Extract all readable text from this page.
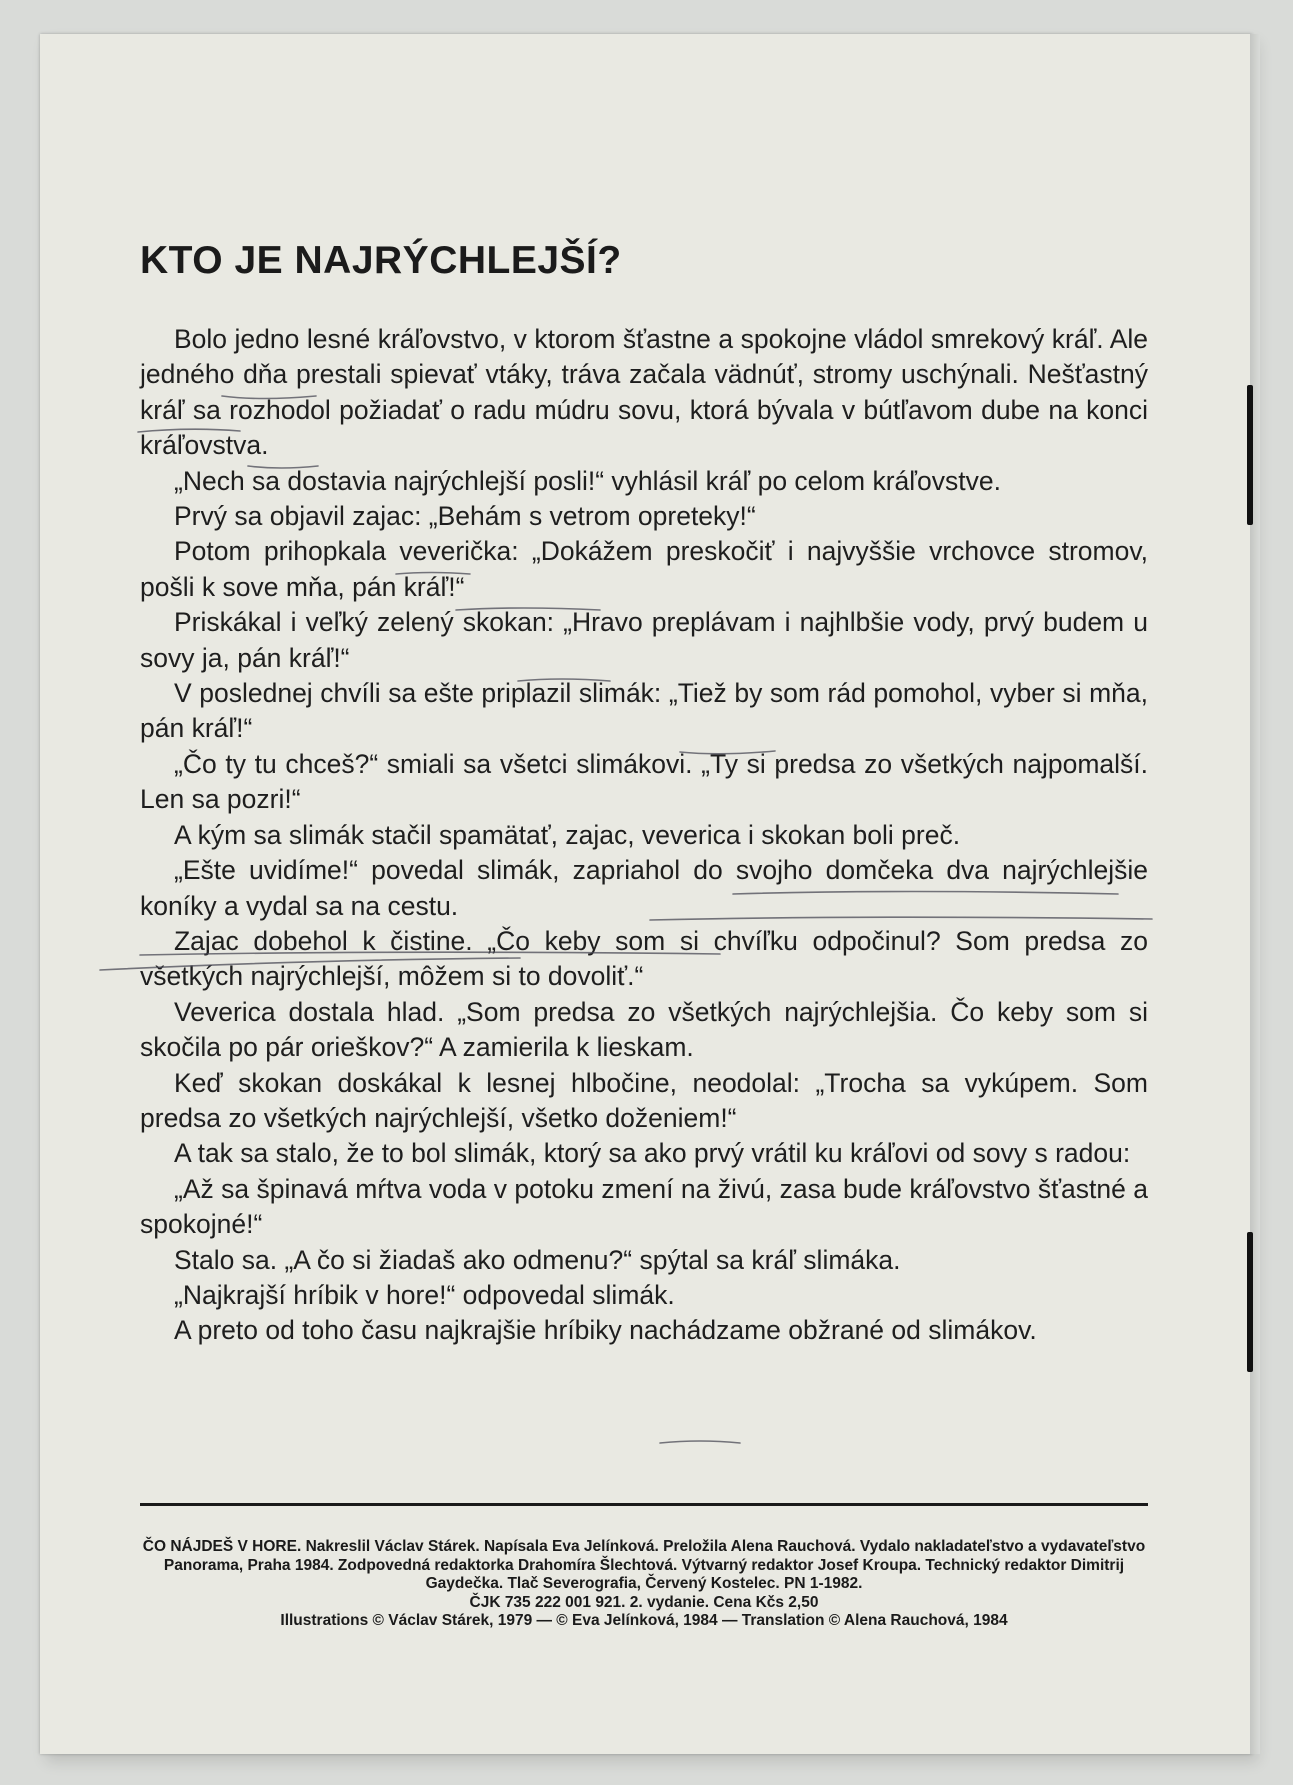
KTO JE NAJRÝCHLEJŠÍ?

Bolo jedno lesné kráľovstvo, v ktorom šťastne a spokojne vládol smrekový kráľ. Ale jedného dňa prestali spievať vtáky, tráva začala vädnúť, stromy uschýnali. Nešťastný kráľ sa rozhodol požiadať o radu múdru sovu, ktorá bývala v bútľavom dube na konci kráľovstva.

„Nech sa dostavia najrýchlejší posli!“ vyhlásil kráľ po celom kráľovstve.

Prvý sa objavil zajac: „Behám s vetrom opreteky!“

Potom prihopkala veverička: „Dokážem preskočiť i najvyššie vrchovce stromov, pošli k sove mňa, pán kráľ!“

Priskákal i veľký zelený skokan: „Hravo preplávam i najhlbšie vody, prvý budem u sovy ja, pán kráľ!“

V poslednej chvíli sa ešte priplazil slimák: „Tiež by som rád pomohol, vyber si mňa, pán kráľ!“

„Čo ty tu chceš?“ smiali sa všetci slimákovi. „Ty si predsa zo všetkých najpomalší. Len sa pozri!“

A kým sa slimák stačil spamätať, zajac, veverica i skokan boli preč.

„Ešte uvidíme!“ povedal slimák, zapriahol do svojho domčeka dva najrýchlejšie koníky a vydal sa na cestu.

Zajac dobehol k čistine. „Čo keby som si chvíľku odpočinul? Som predsa zo všetkých najrýchlejší, môžem si to dovoliť.“

Veverica dostala hlad. „Som predsa zo všetkých najrýchlejšia. Čo keby som si skočila po pár orieškov?“ A zamierila k lieskam.

Keď skokan doskákal k lesnej hlbočine, neodolal: „Trocha sa vykúpem. Som predsa zo všetkých najrýchlejší, všetko doženiem!“

A tak sa stalo, že to bol slimák, ktorý sa ako prvý vrátil ku kráľovi od sovy s radou:

„Až sa špinavá mŕtva voda v potoku zmení na živú, zasa bude kráľovstvo šťastné a spokojné!“

Stalo sa. „A čo si žiadaš ako odmenu?“ spýtal sa kráľ slimáka.

„Najkrajší hríbik v hore!“ odpovedal slimák.

A preto od toho času najkrajšie hríbiky nachádzame obžrané od slimákov.

ČO NÁJDEŠ V HORE. Nakreslil Václav Stárek. Napísala Eva Jelínková. Preložila Alena Rauchová. Vydalo nakladateľstvo a vydavateľstvo Panorama, Praha 1984. Zodpovedná redaktorka Drahomíra Šlechtová. Výtvarný redaktor Josef Kroupa. Technický redaktor Dimitrij Gaydečka. Tlač Severografia, Červený Kostelec. PN 1-1982.

ČJK 735 222 001 921. 2. vydanie. Cena Kčs 2,50

Illustrations © Václav Stárek, 1979 — © Eva Jelínková, 1984 — Translation © Alena Rauchová, 1984
